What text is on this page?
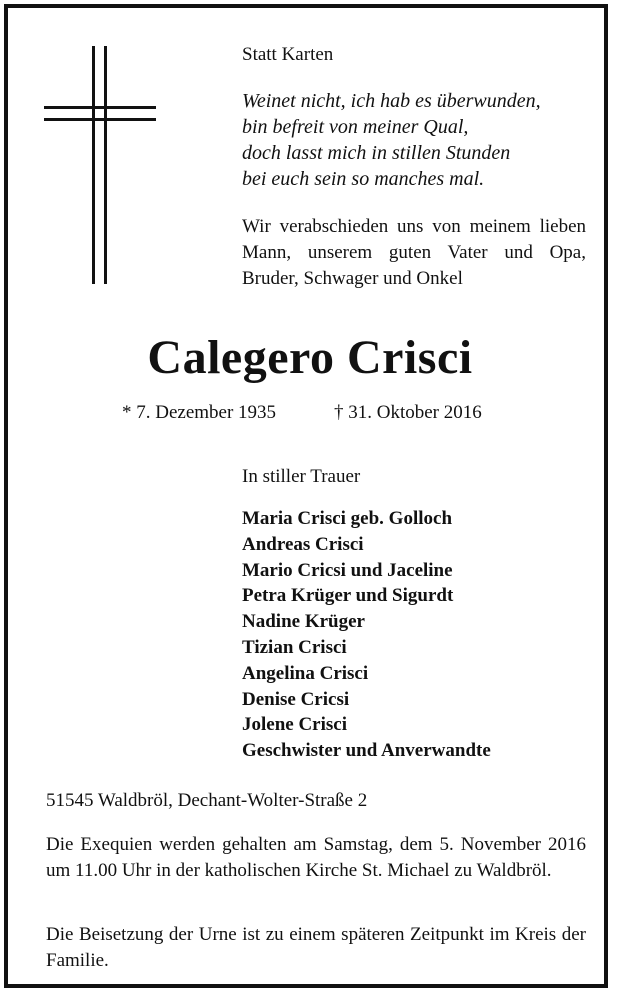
Statt Karten
Weinet nicht, ich hab es überwunden,
bin befreit von meiner Qual,
doch lasst mich in stillen Stunden
bei euch sein so manches mal.
Wir verabschieden uns von meinem lieben Mann, unserem guten Vater und Opa, Bruder, Schwager und Onkel
Calegero Crisci
* 7. Dezember 1935	† 31. Oktober 2016
In stiller Trauer
Maria Crisci geb. Golloch
Andreas Crisci
Mario Cricsi und Jaceline
Petra Krüger und Sigurdt
Nadine Krüger
Tizian Crisci
Angelina Crisci
Denise Cricsi
Jolene Crisci
Geschwister und Anverwandte
51545 Waldbröl, Dechant-Wolter-Straße 2
Die Exequien werden gehalten am Samstag, dem 5. November 2016 um 11.00 Uhr in der katholischen Kirche St. Michael zu Waldbröl.
Die Beisetzung der Urne ist zu einem späteren Zeitpunkt im Kreis der Familie.
